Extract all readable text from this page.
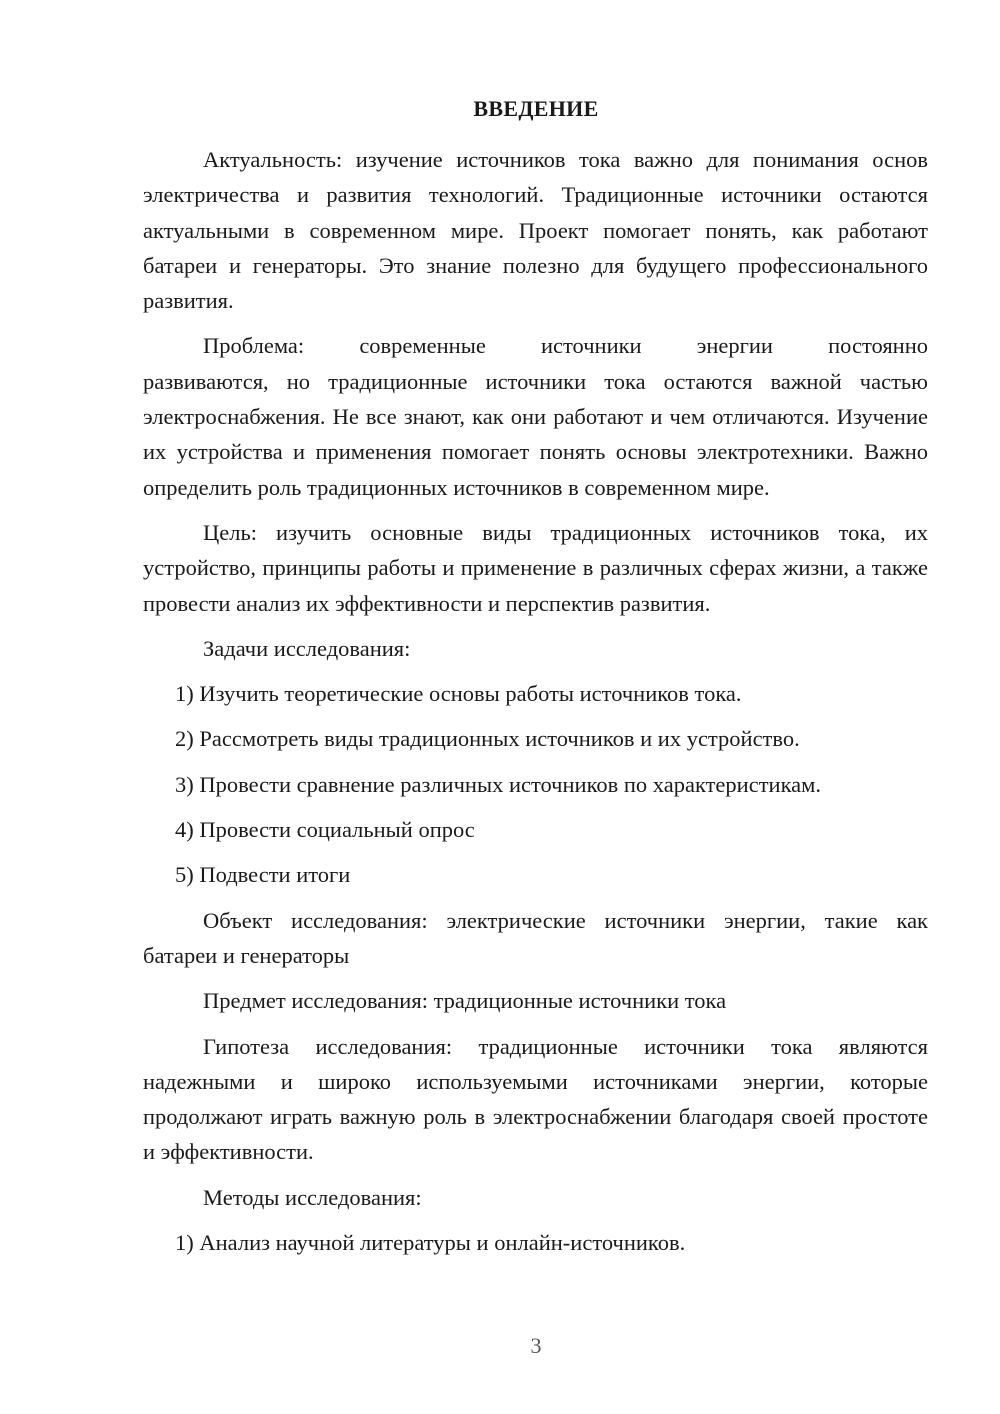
ВВЕДЕНИЕ

Актуальность: изучение источников тока важно для понимания основ электричества и развития технологий. Традиционные источники остаются актуальными в современном мире. Проект помогает понять, как работают батареи и генераторы. Это знание полезно для будущего профессионального развития.

Проблема: современные источники энергии постоянно
развиваются, но традиционные источники тока остаются важной частью электроснабжения. Не все знают, как они работают и чем отличаются. Изучение их устройства и применения помогает понять основы электротехники. Важно определить роль традиционных источников в современном мире.

Цель: изучить основные виды традиционных источников тока, их устройство, принципы работы и применение в различных сферах жизни, а также провести анализ их эффективности и перспектив развития.

Задачи исследования:

1) Изучить теоретические основы работы источников тока.
2) Рассмотреть виды традиционных источников и их устройство.
3) Провести сравнение различных источников по характеристикам.
4) Провести социальный опрос
5) Подвести итоги

Объект исследования: электрические источники энергии, такие как батареи и генераторы

Предмет исследования: традиционные источники тока

Гипотеза исследования: традиционные источники тока являются надежными и широко используемыми источниками энергии, которые продолжают играть важную роль в электроснабжении благодаря своей простоте и эффективности.

Методы исследования:

1) Анализ научной литературы и онлайн-источников.
3
